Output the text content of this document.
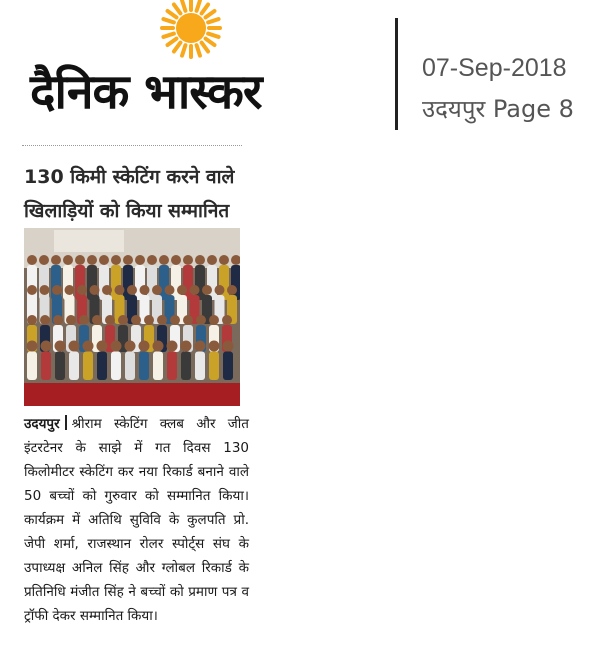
दैनिक भास्कर	07-Sep-2018
उदयपुर Page 8
130 किमी स्केटिंग करने वाले
खिलाड़ियों को किया सम्मानित
उदयपुर श्रीराम स्केटिंग क्लब और जीत इंटरटेनर के साझे में गत दिवस 130 किलोमीटर स्केटिंग कर नया रिकार्ड बनाने वाले 50 बच्चों को गुरुवार को सम्मानित किया। कार्यक्रम में अतिथि सुविवि के कुलपति प्रो. जेपी शर्मा, राजस्थान रोलर स्पोर्ट्स संघ के उपाध्यक्ष अनिल सिंह और ग्लोबल रिकार्ड के प्रतिनिधि मंजीत सिंह ने बच्चों को प्रमाण पत्र व ट्रॉफी देकर सम्मानित किया।
